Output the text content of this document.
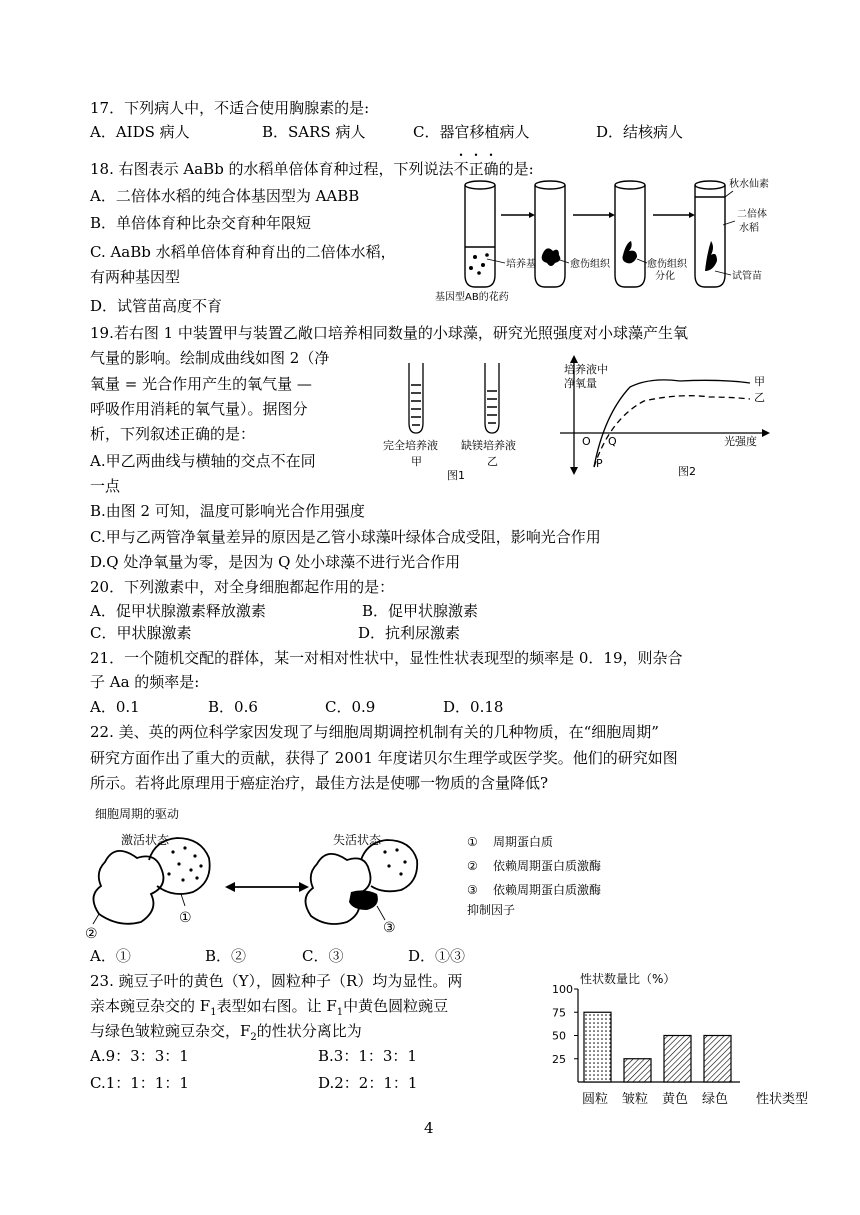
17．下列病人中，不适合使用胸腺素的是:
A．AIDS 病人	B．SARS 病人	C．器官移植病人	D．结核病人
18. 右图表示 AaBb 的水稻单倍体育种过程，下列说法不正确的是:
A．二倍体水稻的纯合体基因型为 AABB
B．单倍体育种比杂交育种年限短
C. AaBb 水稻单倍体育种育出的二倍体水稻，
有两种基因型
D．试管苗高度不育
培养基	愈伤组织	愈伤组织
分化
秋水仙素
二倍体
水稻
试管苗
基因型AB的花药
19.若右图 1 中装置甲与装置乙敞口培养相同数量的小球藻，研究光照强度对小球藻产生氧
气量的影响。绘制成曲线如图 2（净
氧量 = 光合作用产生的氧气量 —
呼吸作用消耗的氧气量）。据图分
析，下列叙述正确的是：
A.甲乙两曲线与横轴的交点不在同
一点
B.由图 2 可知，温度可影响光合作用强度
C.甲与乙两管净氧量差异的原因是乙管小球藻叶绿体合成受阻，影响光合作用
D.Q 处净氧量为零，是因为 Q 处小球藻不进行光合作用
完全培养液
甲
缺镁培养液
乙
图1
培养液中
净氧量
光强度
O Q
P
甲
乙
图2
20．下列激素中，对全身细胞都起作用的是：
A．促甲状腺激素释放激素	B．促甲状腺激素
C．甲状腺激素	D．抗利尿激素
21．一个随机交配的群体，某一对相对性状中，显性性状表现型的频率是 0．19，则杂合
子 Aa 的频率是:
A．0.1	B．0.6	C．0.9	D．0.18
22. 美、英的两位科学家因发现了与细胞周期调控机制有关的几种物质，在“细胞周期”
研究方面作出了重大的贡献，获得了 2001 年度诺贝尔生理学或医学奖。他们的研究如图
所示。若将此原理用于癌症治疗，最佳方法是使哪一物质的含量降低?
细胞周期的驱动
激活状态	失活状态
①
②	③
① 周期蛋白质
② 依赖周期蛋白质激酶
③ 依赖周期蛋白质激酶
抑制因子
A．①	B．②	C．③	D．①③
23. 豌豆子叶的黄色（Y），圆粒种子（R）均为显性。两
亲本豌豆杂交的 $F_1$表型如右图。让 $F_1$中黄色圆粒豌豆
与绿色皱粒豌豆杂交，$F_2$的性状分离比为
A.9：3：3：1	B.3：1：3：1
C.1：1：1：1	D.2：2：1：1
性状数量比（%）
25
50
75
100
圆粒 皱粒 黄色 绿色 性状类型
4
